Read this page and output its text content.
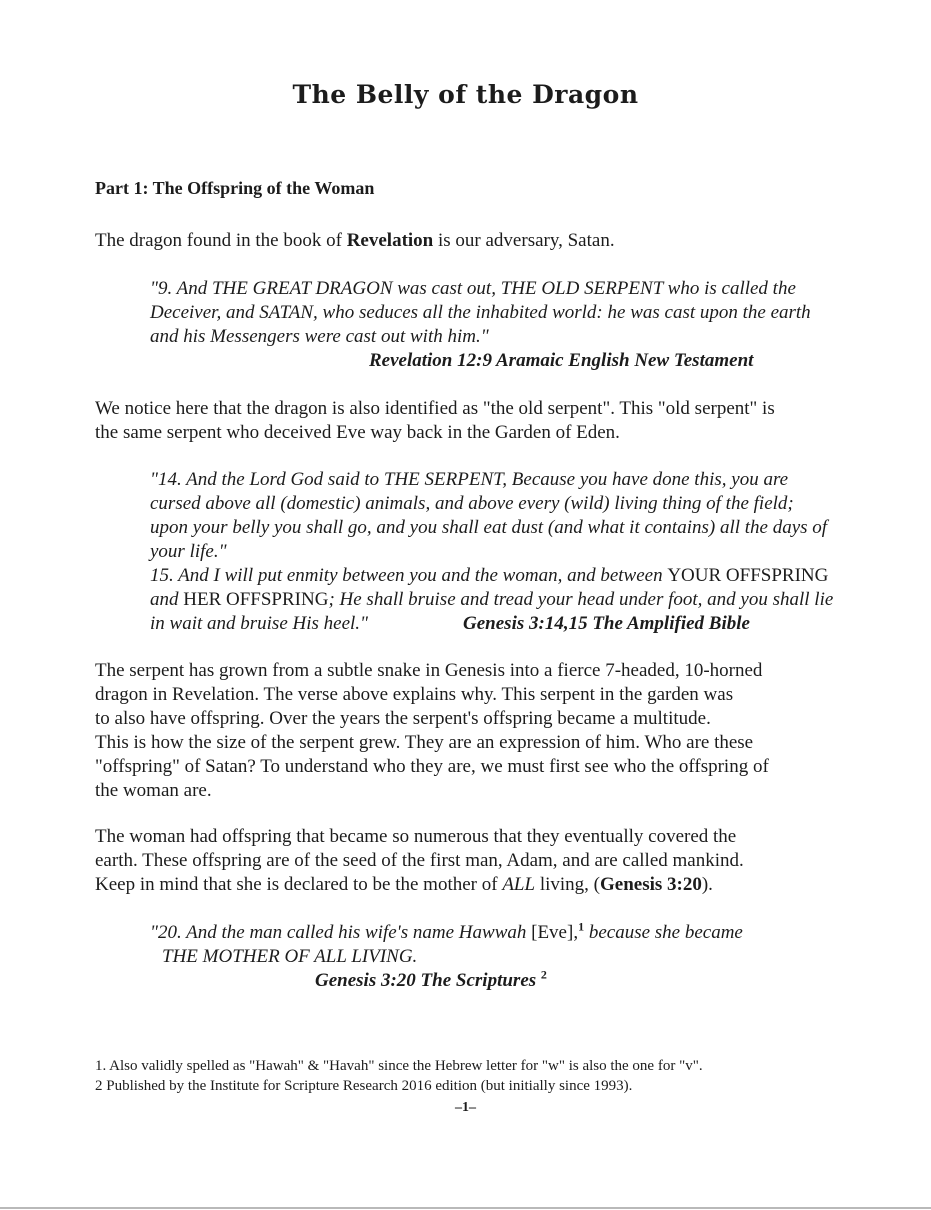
The Belly of the Dragon
Part 1: The Offspring of the Woman
The dragon found in the book of Revelation is our adversary, Satan.
"9. And THE GREAT DRAGON was cast out, THE OLD SERPENT who is called the
Deceiver, and SATAN, who seduces all the inhabited world: he was cast upon the earth
and his Messengers were cast out with him."
Revelation 12:9 Aramaic English New Testament
We notice here that the dragon is also identified as "the old serpent". This "old serpent" is
the same serpent who deceived Eve way back in the Garden of Eden.
"14. And the Lord God said to THE SERPENT, Because you have done this, you are
cursed above all (domestic) animals, and above every (wild) living thing of the field;
upon your belly you shall go, and you shall eat dust (and what it contains) all the days of
your life."
15. And I will put enmity between you and the woman, and between YOUR OFFSPRING
and HER OFFSPRING; He shall bruise and tread your head under foot, and you shall lie
in wait and bruise His heel."	Genesis 3:14,15 The Amplified Bible
The serpent has grown from a subtle snake in Genesis into a fierce 7-headed, 10-horned
dragon in Revelation. The verse above explains why. This serpent in the garden was
to also have offspring. Over the years the serpent's offspring became a multitude.
This is how the size of the serpent grew. They are an expression of him. Who are these
"offspring" of Satan? To understand who they are, we must first see who the offspring of
the woman are.
The woman had offspring that became so numerous that they eventually covered the
earth. These offspring are of the seed of the first man, Adam, and are called mankind.
Keep in mind that she is declared to be the mother of ALL living, (Genesis 3:20).
"20. And the man called his wife's name Hawwah [Eve],$^1$ because she became
THE MOTHER OF ALL LIVING.
Genesis 3:20 The Scriptures $^2$
1. Also validly spelled as "Hawah" & "Havah" since the Hebrew letter for "w" is also the one for "v".
2 Published by the Institute for Scripture Research 2016 edition (but initially since 1993).
–1–
